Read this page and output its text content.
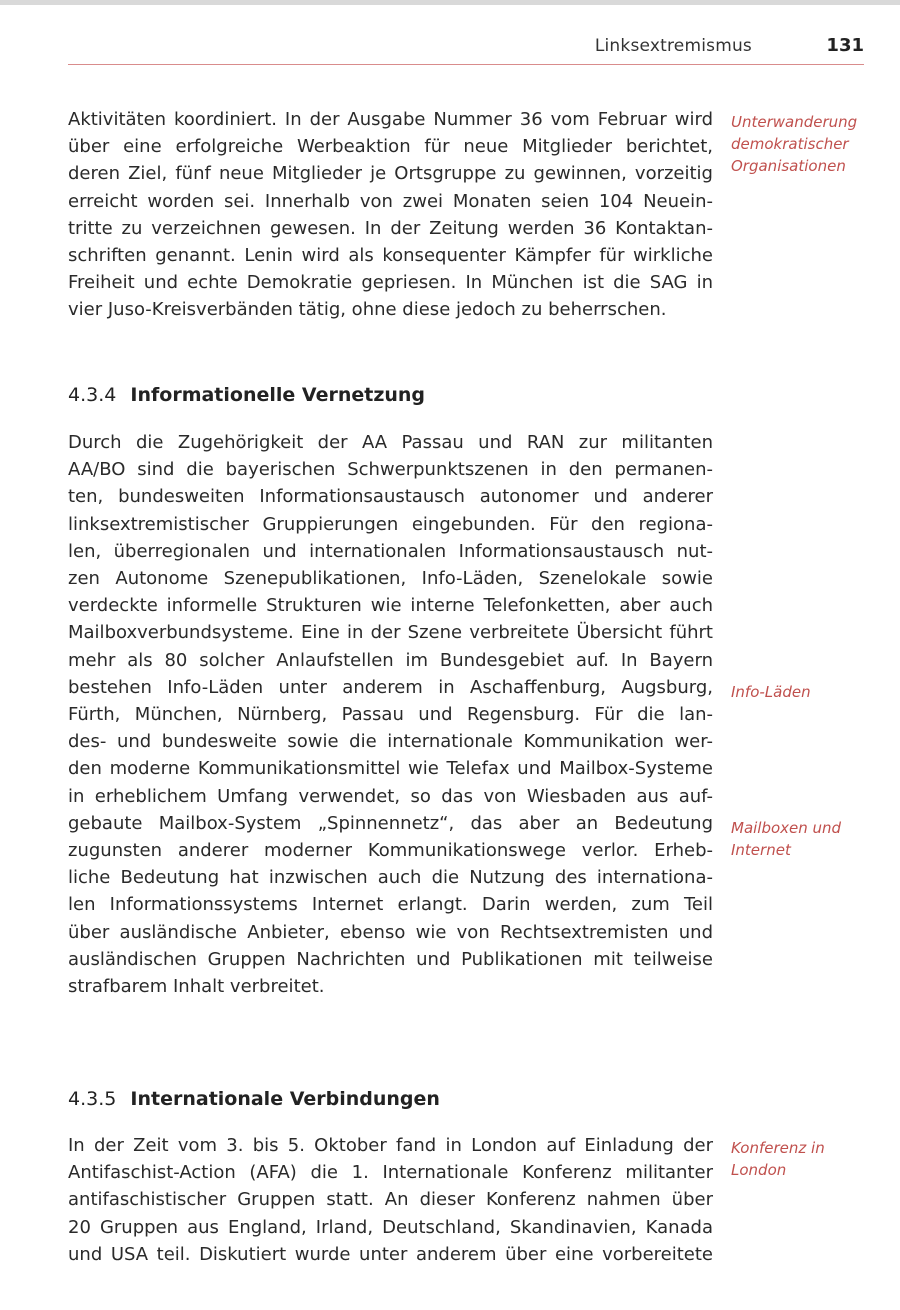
Linksextremismus	131
Aktivitäten koordiniert. In der Ausgabe Nummer 36 vom Februar wird
über eine erfolgreiche Werbeaktion für neue Mitglieder berichtet,
deren Ziel, fünf neue Mitglieder je Ortsgruppe zu gewinnen, vorzeitig
erreicht worden sei. Innerhalb von zwei Monaten seien 104 Neuein-
tritte zu verzeichnen gewesen. In der Zeitung werden 36 Kontaktan-
schriften genannt. Lenin wird als konsequenter Kämpfer für wirkliche
Freiheit und echte Demokratie gepriesen. In München ist die SAG in
vier Juso-Kreisverbänden tätig, ohne diese jedoch zu beherrschen.
Unterwanderung
demokratischer
Organisationen
4.3.4 Informationelle Vernetzung
Durch die Zugehörigkeit der AA Passau und RAN zur militanten
AA/BO sind die bayerischen Schwerpunktszenen in den permanen-
ten, bundesweiten Informationsaustausch autonomer und anderer
linksextremistischer Gruppierungen eingebunden. Für den regiona-
len, überregionalen und internationalen Informationsaustausch nut-
zen Autonome Szenepublikationen, Info-Läden, Szenelokale sowie
verdeckte informelle Strukturen wie interne Telefonketten, aber auch
Mailboxverbundsysteme. Eine in der Szene verbreitete Übersicht führt
mehr als 80 solcher Anlaufstellen im Bundesgebiet auf. In Bayern
bestehen Info-Läden unter anderem in Aschaffenburg, Augsburg,
Fürth, München, Nürnberg, Passau und Regensburg. Für die lan-
des- und bundesweite sowie die internationale Kommunikation wer-
den moderne Kommunikationsmittel wie Telefax und Mailbox-Systeme
in erheblichem Umfang verwendet, so das von Wiesbaden aus auf-
gebaute Mailbox-System „Spinnennetz“, das aber an Bedeutung
zugunsten anderer moderner Kommunikationswege verlor. Erheb-
liche Bedeutung hat inzwischen auch die Nutzung des internationa-
len Informationssystems Internet erlangt. Darin werden, zum Teil
über ausländische Anbieter, ebenso wie von Rechtsextremisten und
ausländischen Gruppen Nachrichten und Publikationen mit teilweise
strafbarem Inhalt verbreitet.
Info-Läden
Mailboxen und
Internet
4.3.5 Internationale Verbindungen
In der Zeit vom 3. bis 5. Oktober fand in London auf Einladung der
Antifaschist-Action (AFA) die 1. Internationale Konferenz militanter
antifaschistischer Gruppen statt. An dieser Konferenz nahmen über
20 Gruppen aus England, Irland, Deutschland, Skandinavien, Kanada
und USA teil. Diskutiert wurde unter anderem über eine vorbereitete
Konferenz in
London
